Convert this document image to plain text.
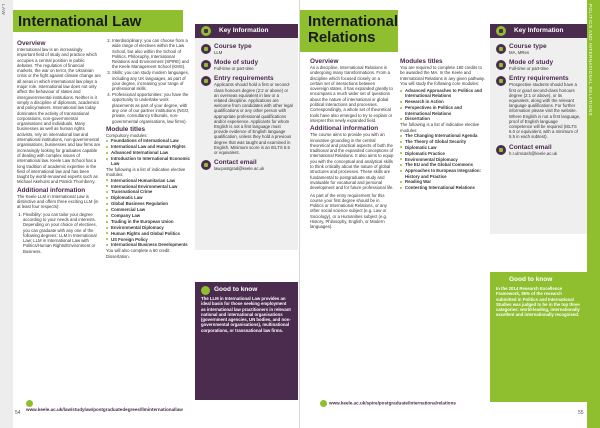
LAW
International Law
Overview
International law is an increasingly important field of study and practice which occupies a central position in public debates. The regulation of financial markets, the war on terror, the Ukrainian crisis or the fight against climate change are all areas in which international law plays a major role. International law does not only affect the behaviour of states and intergovernmental institutions. Neither is it simply a discipline of diplomats, academics and policymakers. International law today dominates the activity of transnational corporations, non-governmental organisations and individuals. Many businesses as well as human rights activists, rely on international law and international institutions, non-governmental organisations, businesses and law firms are increasingly looking for graduates capable of dealing with complex issues of international law. Keele Law School has a long tradition of academic expertise in the field of international law and has been taught by world-renowned experts such as Michael Akehurst and Patrick Thornberry.
Additional information
The Keele LLM in International Law is distinctive and offers three exciting LLM (in at least four respects):
1. Flexibility: you can tailor your degree according to your needs and interests. Depending on your choice of electives, you can graduate with any one of the following degrees: LLM in International Law; LLM in International Law with Politics/Human Rights/Environment or Business.
2. Interdisciplinary: you can choose from a wide range of electives within the Law School, but also within the School of Politics, Philosophy, International Relations and Environment (SPIRE) and the Keele Management School (KMS).
3. Skills: you can study modern languages, including any UK languages, as part of your degree, increasing your range of professional skills.
4. Professional opportunities: you have the opportunity to undertake work placements as part of your degree, with any one of our partner institutions (NGO, private, consultancy tribunals, non-governmental organisations, law firms).
Module titles
Compulsory modules:
Foundations of International Law
International Law and Human Rights
Advanced International Law
Introduction to International Economic Law
The following is a list of indicative elective modules:
International Humanitarian Law
International Environmental Law
Transnational Crime
Diplomatic Law
Global Business Regulation
Commercial Law
Company Law
Trading in the European Union
Environmental Diplomacy
Human Rights and Global Politics
US Foreign Policy
International Business Developments
You will also complete a 60 credit Dissertation.
Key Information
Course type
LLM
Mode of study
Full-time or part-time
Entry requirements
Applicants should hold a first or second-class honours degree (2:2 or above) or an overseas equivalent in law or a related discipline. Applications are welcome from candidates with other legal qualifications or any other person with appropriate professional qualifications and/or experience. Applicants for whom English is not a first language must provide evidence of English language qualification, unless they hold a previous degree that was taught and examined in English. Minimum score is an IELTS 6.5 or equivalent.
Contact email
law.postgrad@keele.ac.uk
Good to know
The LLM in International Law provides an ideal basis for those seeking employment as international law practitioners in relevant national and international organisations (government agencies, UN bodies, and non-governmental organisations), multinational corporations, or transnational law firms.
www.keele.ac.uk/law/studylaw/postgraduatedegrees/llminternationallaw
54
POLITICS AND INTERNATIONAL RELATIONS
International Relations
Overview
As a discipline, International Relations is undergoing many transformations. From a discipline which focused closely on a certain set of interactions between sovereign states, it has expanded greatly to encompass a much wider set of questions about the nature of international or global political interactions and processes. Correspondingly, a whole set of theoretical tools have also emerged to try to explain or interpret this newly expanded field.
Additional information
The course aims to provide you with an innovative grounding in the central theoretical and practical aspects of both the traditional and the expanded conceptions of International Relations. It also aims to equip you with the conceptual and analytical skills to think critically about the nature of global structures and processes. These skills are fundamental to postgraduate study and invaluable for vocational and personal development and for future professional life.
As part of the entry requirement for this course your first degree should be in Politics or International Relations, or any other social science subject (e.g. Law or Sociology), or a Humanities subject (e.g. History, Philosophy, English, or Modern languages).
Modules titles
You are required to complete 180 credits to be awarded the MA. In the Keele and International Relations in any given pathway. You will study the following core modules:
Advanced Approaches to Politics and International Relations
Research in Action
Perspectives in Politics and International Relations
Dissertation
The following is a list of indicative elective modules:
The Changing International Agenda
The Theory of Global Security
Diplomatic Law
Diplomatic Practice
Environmental Diplomacy
The EU and the Global Commons
Approaches to European Integration: History and Practice
Reading War
Contesting International Relations
Key Information
Course type
MA, MRes
Mode of study
Full-time or part-time
Entry requirements
Prospective students should have a first or good second-class honours degree (2:1 or above), or its equivalent, along with the relevant language qualifications. For further information please visit the website. Where English is not a first language, proof of English language competence will be required (IELTS 6.0 or equivalent, with a minimum of 5.5 in each subtest).
Contact email
h.r.ulmcash@keele.ac.uk
Good to know
In the 2014 Research Excellence Framework, 85% of the research submitted in Politics and International Studies was judged to be in the top three categories: world-leading, internationally excellent and internationally recognised.
www.keele.ac.uk/spire/postgraduate/internationalrelations
55
